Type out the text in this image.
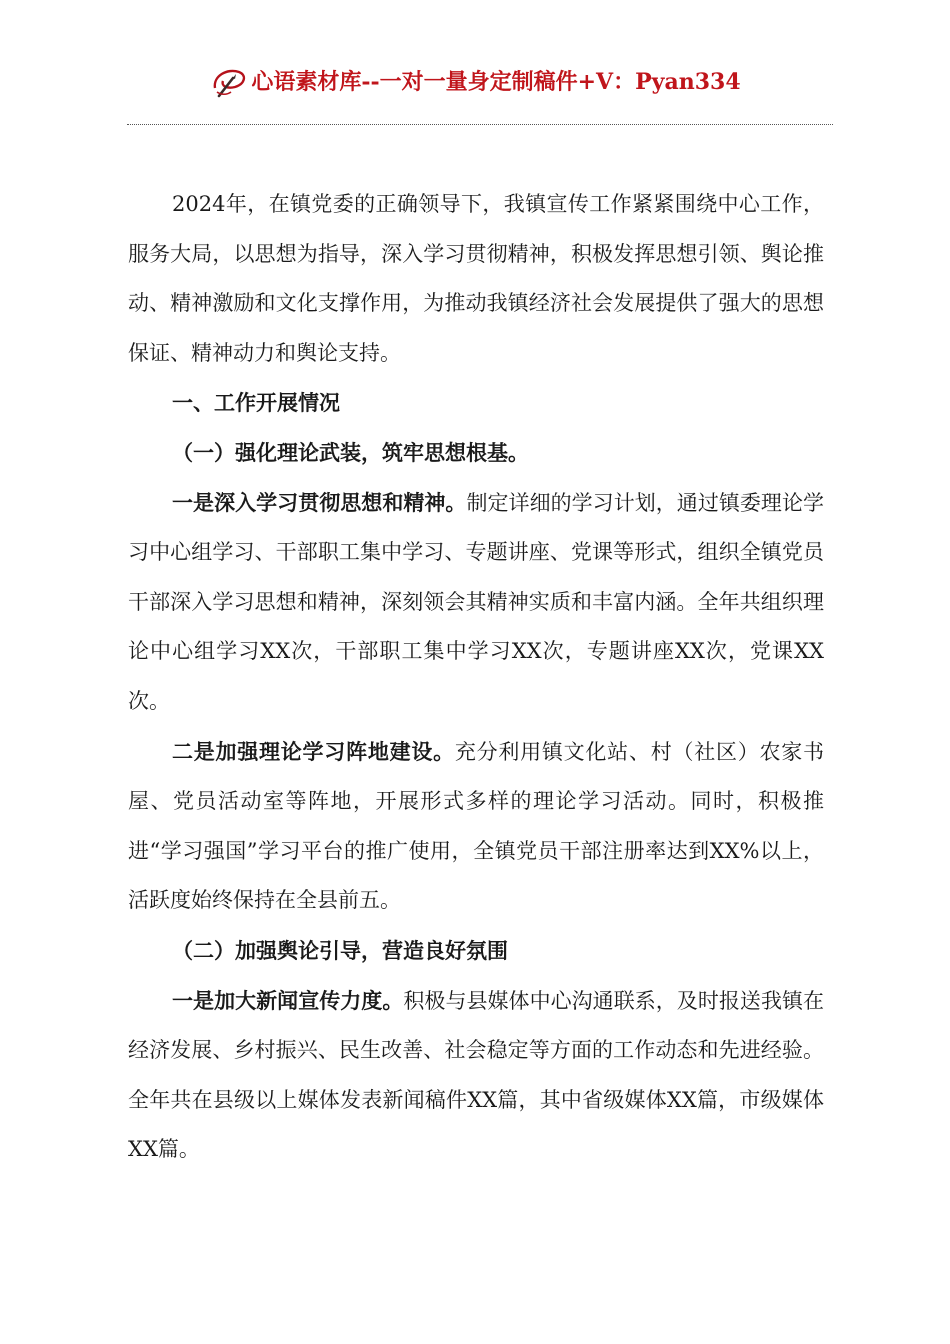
心语素材库--一对一量身定制稿件+V：Pyan334

2024年，在镇党委的正确领导下，我镇宣传工作紧紧围绕中心工作，服务大局，以思想为指导，深入学习贯彻精神，积极发挥思想引领、舆论推动、精神激励和文化支撑作用，为推动我镇经济社会发展提供了强大的思想保证、精神动力和舆论支持。

一、工作开展情况

（一）强化理论武装，筑牢思想根基。

一是深入学习贯彻思想和精神。制定详细的学习计划，通过镇委理论学习中心组学习、干部职工集中学习、专题讲座、党课等形式，组织全镇党员干部深入学习思想和精神，深刻领会其精神实质和丰富内涵。全年共组织理论中心组学习XX次，干部职工集中学习XX次，专题讲座XX次，党课XX次。

二是加强理论学习阵地建设。充分利用镇文化站、村（社区）农家书屋、党员活动室等阵地，开展形式多样的理论学习活动。同时，积极推进“学习强国”学习平台的推广使用，全镇党员干部注册率达到XX%以上，活跃度始终保持在全县前五。

（二）加强舆论引导，营造良好氛围

一是加大新闻宣传力度。积极与县媒体中心沟通联系，及时报送我镇在经济发展、乡村振兴、民生改善、社会稳定等方面的工作动态和先进经验。全年共在县级以上媒体发表新闻稿件XX篇，其中省级媒体XX篇，市级媒体XX篇。
